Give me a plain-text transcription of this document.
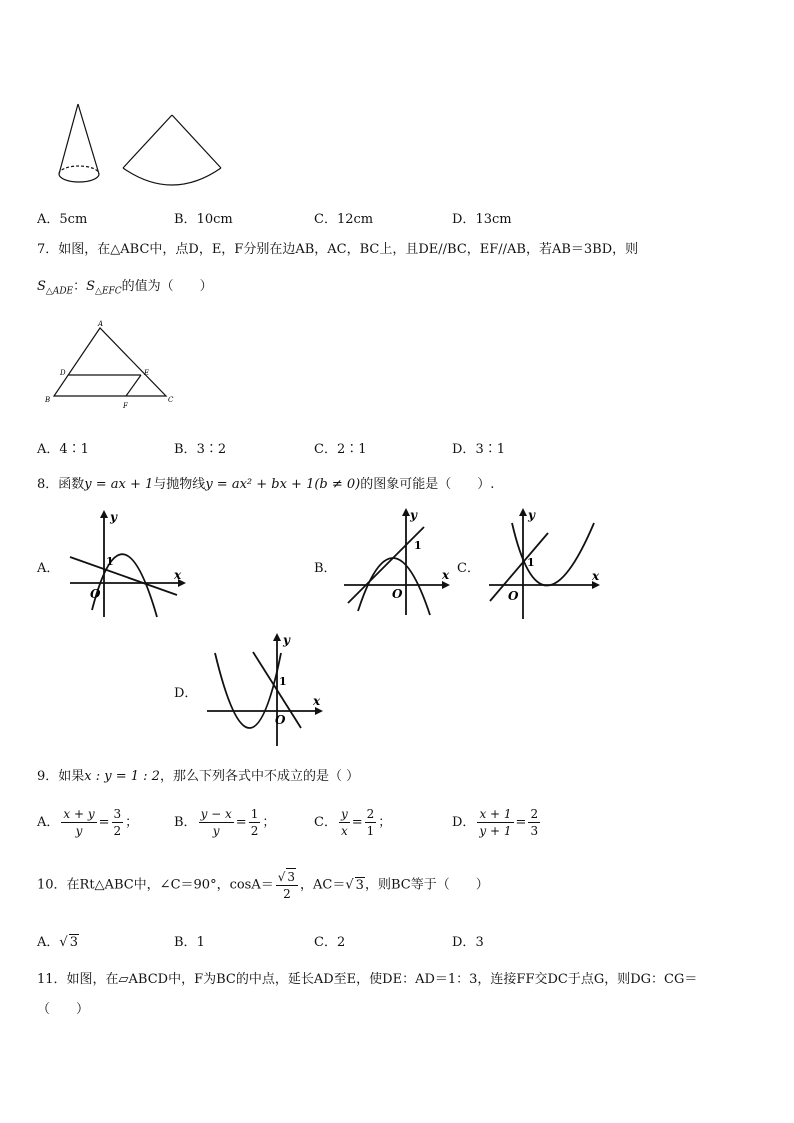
A．5cm	B．10cm	C．12cm	D．13cm
7．如图，在△ABC中，点D，E，F分别在边AB，AC，BC上，且DE//BC，EF//AB，若AB＝3BD，则
$S_{\triangle ADE}$：$S_{\triangle EFC}$的值为（　　）
A
B	C
D	E
F
A．4∶1	B．3∶2	C．2∶1	D．3∶1
8．函数y = ax + 1与抛物线y = ax² + bx + 1(b ≠ 0)的图象可能是（　　）.
A．	x
y
O
1	B．	x
y
O
1
C．	x
y
O
1
D．	x
y
O
1
9．如果x : y = 1 : 2，那么下列各式中不成立的是（ ）
A． $\frac{x + y}{y} = \frac{3}{2}$ ；	B． $\frac{y - x}{y} = \frac{1}{2}$ ；	C． $\frac{y}{x} = \frac{2}{1}$ ；	D． $\frac{x + 1}{y + 1} = \frac{2}{3}$
10．在Rt△ABC中，∠C＝90°，$\cos A= \frac{√ 3}{2}$ ，AC＝√ 3，则BC等于（　　）
A．√ 3	B．1	C．2	D．3
11．如图，在▱ABCD中，F为BC的中点，延长AD至E，使DE：AD＝1：3，连接FF交DC于点G，则DG：CG＝
（　　）
